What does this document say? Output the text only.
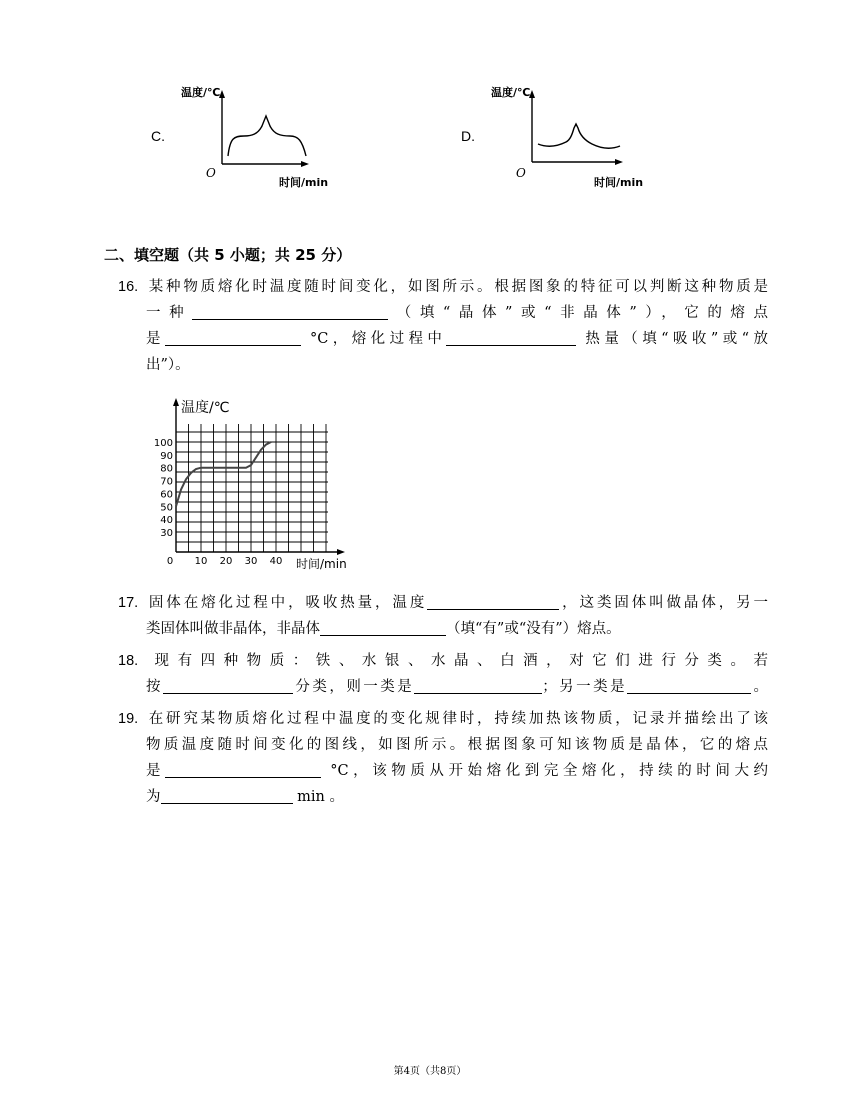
C.
温度/℃
O
时间/min
D.
温度/℃
O
时间/min
二、填空题（共 5 小题；共 25 分）
16. 某种物质熔化时温度随时间变化，如图所示。根据图象的特征可以判断这种物质是
一种	（填“晶体”或“非晶体”），它的熔点
是	°C，熔化过程中	热量（填“吸收”或“放
出”）。
30
40
50
60
70
80
90
100
0 10 20 30 40
温度/℃
时间/min
17. 固体在熔化过程中，吸收热量，温度	，这类固体叫做晶体，另一
类固体叫做非晶体，非晶体	（填“有”或“没有”）熔点。
18. 现有四种物质：铁、水银、水晶、白酒，对它们进行分类。若
按	分类，则一类是	；另一类是	。
19. 在研究某物质熔化过程中温度的变化规律时，持续加热该物质，记录并描绘出了该
物质温度随时间变化的图线，如图所示。根据图象可知该物质是晶体，它的熔点
是	°C，该物质从开始熔化到完全熔化，持续的时间大约
为	min 。
第4页（共8页）
